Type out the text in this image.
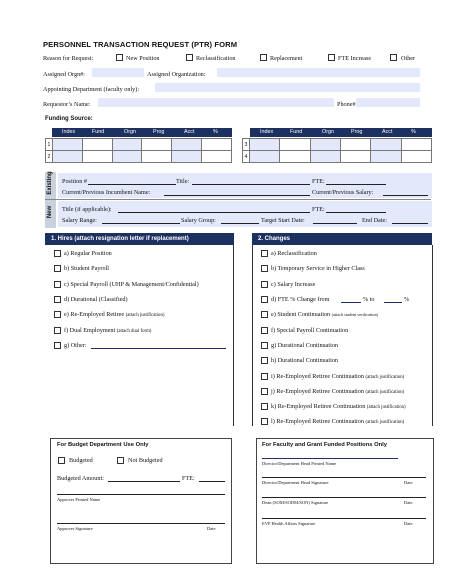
PERSONNEL TRANSACTION REQUEST (PTR) FORM
Reason for Request:	New Position	Reclassification	Replacement	FTE Increase	Other
Assigned Orgn#:	Assigned Organization:
Appointing Department (faculty only):
Requestor’s Name:	Phone#
Funding Source:
Index	Fund	Orgn	Prog	Acct	%	Index	Fund	Orgn	Prog	Acct	%
1						
2						
3						
4						
Existing
New
Position #	Title:	FTE:
Current/Previous Incumbent Name:	Current/Previous Salary:
Title (if applicable):	FTE:
Salary Range:	Salary Group:	Target Start Date:	End Date:
1. Hires (attach resignation letter if replacement)	2. Changes
a) Regular Position
b) Student Payroll
c) Special Payroll (UHP & Management/Confidential)
d) Durational (Classified)
e) Re-Employed Retiree (attach justification)
f) Dual Employment (attach dual form)
g) Other:
a) Reclassification
b) Temporary Service in Higher Class
c) Salary Increase
d) FTE % Change from	% to	%
e) Student Continuation (attach student verification)
f) Special Payroll Continuation
g) Durational Continuation
h) Durational Continuation
i) Re-Employed Retiree Continuation (attach justification)
j) Re-Employed Retiree Continuation (attach justification)
k) Re-Employed Retiree Continuation (attach justification)
l) Re-Employed Retiree Continuation (attach justification)
For Budget Department Use Only
Budgeted	Not Budgeted
Budgeted Amount:	FTE:
Approver Printed Name
Approver Signature	Date
For Faculty and Grant Funded Positions Only
Director/Department Head Printed Name
Director/Department Head Signature	Date
Dean (SOM/SODM/SON) Signature	Date
EVP Health Affairs Signature	Date
